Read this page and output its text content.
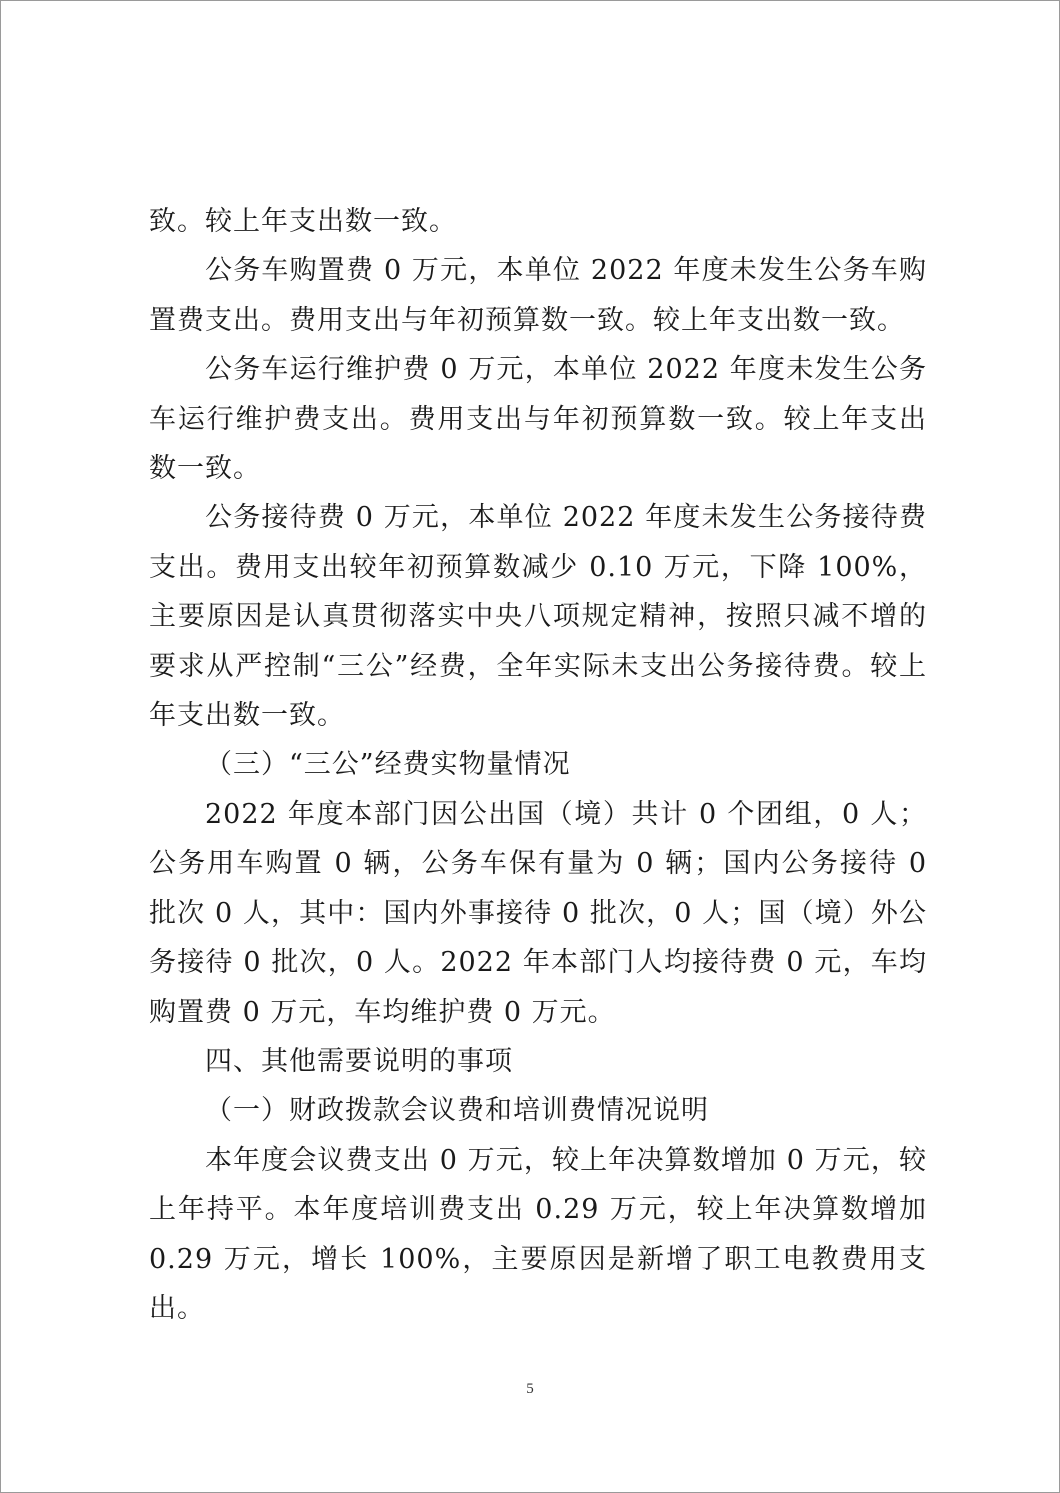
致。较上年支出数一致。

公务车购置费 0 万元，本单位 2022 年度未发生公务车购置费支出。费用支出与年初预算数一致。较上年支出数一致。

公务车运行维护费 0 万元，本单位 2022 年度未发生公务车运行维护费支出。费用支出与年初预算数一致。较上年支出数一致。

公务接待费 0 万元，本单位 2022 年度未发生公务接待费支出。费用支出较年初预算数减少 0.10 万元，下降 100%，主要原因是认真贯彻落实中央八项规定精神，按照只减不增的要求从严控制“三公”经费，全年实际未支出公务接待费。较上年支出数一致。

（三）“三公”经费实物量情况

2022 年度本部门因公出国（境）共计 0 个团组，0 人；公务用车购置 0 辆，公务车保有量为 0 辆；国内公务接待 0 批次 0 人，其中：国内外事接待 0 批次，0 人；国（境）外公务接待 0 批次，0 人。2022 年本部门人均接待费 0 元，车均购置费 0 万元，车均维护费 0 万元。

四、其他需要说明的事项

（一）财政拨款会议费和培训费情况说明

本年度会议费支出 0 万元，较上年决算数增加 0 万元，较上年持平。本年度培训费支出 0.29 万元，较上年决算数增加 0.29 万元，增长 100%，主要原因是新增了职工电教费用支出。

5
